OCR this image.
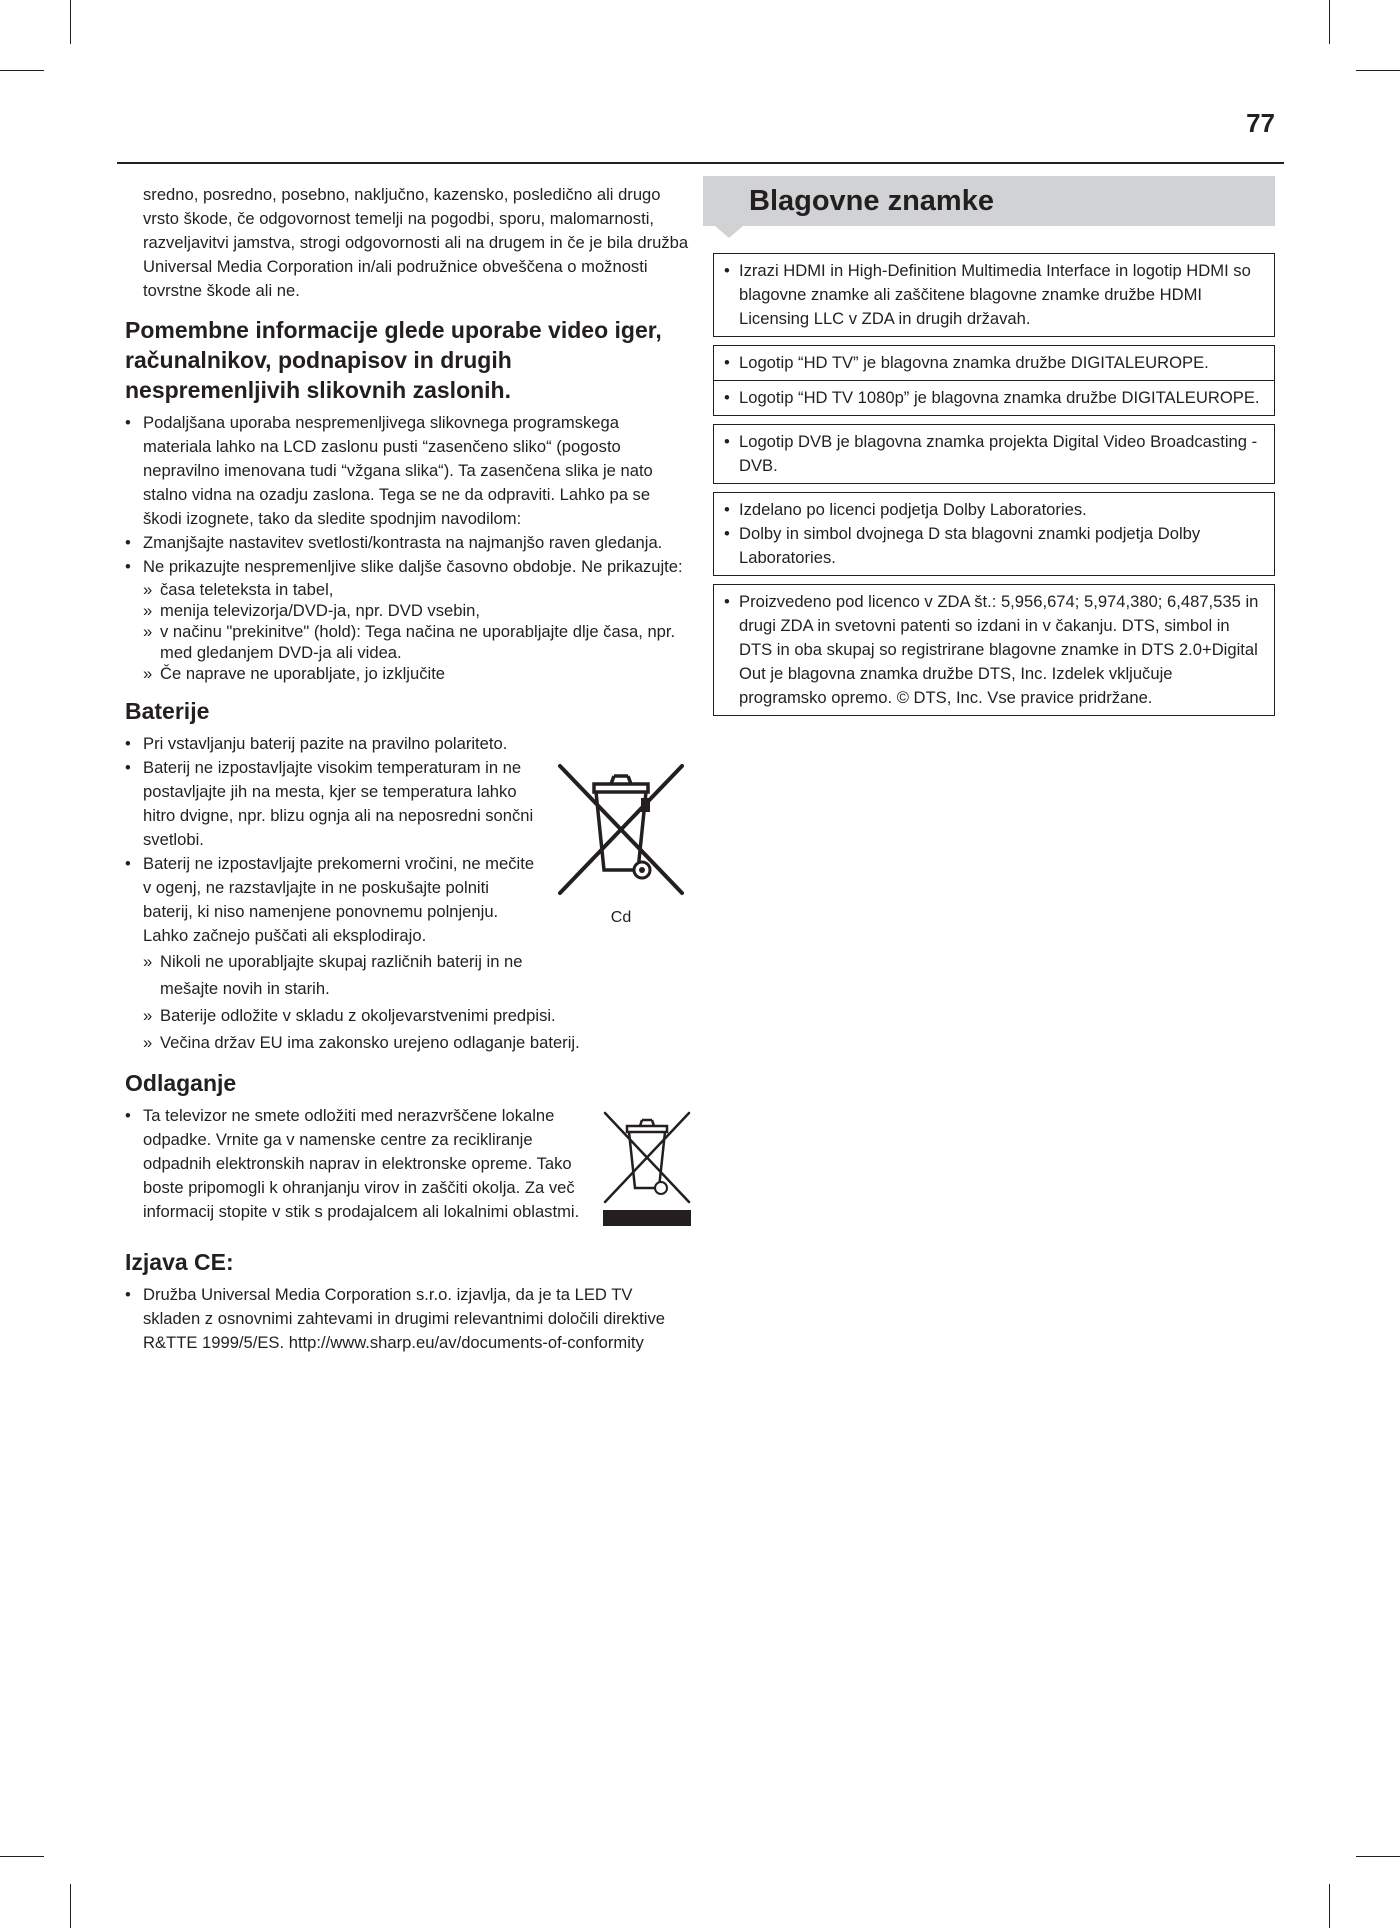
77

sredno, posredno, posebno, naključno, kazensko, posledično ali drugo vrsto škode, če odgovornost temelji na pogodbi, sporu, malomarnosti, razveljavitvi jamstva, strogi odgovornosti ali na drugem in če je bila družba Universal Media Corporation in/ali podružnice obveščena o možnosti tovrstne škode ali ne.

Pomembne informacije glede uporabe video iger, računalnikov, podnapisov in drugih nespremenljivih slikovnih zaslonih.
• Podaljšana uporaba nespremenljivega slikovnega programskega materiala lahko na LCD zaslonu pusti “zasenčeno sliko“ (pogosto nepravilno imenovana tudi “vžgana slika“). Ta zasenčena slika je nato stalno vidna na ozadju zaslona. Tega se ne da odpraviti. Lahko pa se škodi izognete, tako da sledite spodnjim navodilom:
• Zmanjšajte nastavitev svetlosti/kontrasta na najmanjšo raven gledanja.
• Ne prikazujte nespremenljive slike daljše časovno obdobje. Ne prikazujte:
» časa teleteksta in tabel,
» menija televizorja/DVD-ja, npr. DVD vsebin,
» v načinu "prekinitve" (hold): Tega načina ne uporabljajte dlje časa, npr. med gledanjem DVD-ja ali videa.
» Če naprave ne uporabljate, jo izključite
Baterije
Cd
• Pri vstavljanju baterij pazite na pravilno polariteto.
• Baterij ne izpostavljajte visokim temperaturam in ne postavljajte jih na mesta, kjer se temperatura lahko hitro dvigne, npr. blizu ognja ali na neposredni sončni svetlobi.
• Baterij ne izpostavljajte prekomerni vročini, ne mečite v ogenj, ne razstavljajte in ne poskušajte polniti baterij, ki niso namenjene ponovnemu polnjenju. Lahko začnejo puščati ali eksplodirajo.
» Nikoli ne uporabljajte skupaj različnih baterij in ne mešajte novih in starih.
» Baterije odložite v skladu z okoljevarstvenimi predpisi.
» Večina držav EU ima zakonsko urejeno odlaganje baterij.
Odlaganje
• Ta televizor ne smete odložiti med nerazvrščene lokalne odpadke. Vrnite ga v namenske centre za recikliranje odpadnih elektronskih naprav in elektronske opreme. Tako boste pripomogli k ohranjanju virov in zaščiti okolja. Za več informacij stopite v stik s prodajalcem ali lokalnimi oblastmi.
Izjava CE:
• Družba Universal Media Corporation s.r.o. izjavlja, da je ta LED TV skladen z osnovnimi zahtevami in drugimi relevantnimi določili direktive R&TTE 1999/5/ES. http://www.sharp.eu/av/documents-of-conformity
Blagovne znamke
• Izrazi HDMI in High-Definition Multimedia Interface in logotip HDMI so blagovne znamke ali zaščitene blagovne znamke družbe HDMI Licensing LLC v ZDA in drugih državah.
• Logotip “HD TV” je blagovna znamka družbe DIGITALEUROPE.
• Logotip “HD TV 1080p” je blagovna znamka družbe DIGITALEUROPE.
• Logotip DVB je blagovna znamka projekta Digital Video Broadcasting - DVB.
• Izdelano po licenci podjetja Dolby Laboratories.
• Dolby in simbol dvojnega D sta blagovni znamki podjetja Dolby Laboratories.
• Proizvedeno pod licenco v ZDA št.: 5,956,674; 5,974,380; 6,487,535 in drugi ZDA in svetovni patenti so izdani in v čakanju. DTS, simbol in DTS in oba skupaj so registrirane blagovne znamke in DTS 2.0+Digital Out je blagovna znamka družbe DTS, Inc. Izdelek vključuje programsko opremo. © DTS, Inc. Vse pravice pridržane.
